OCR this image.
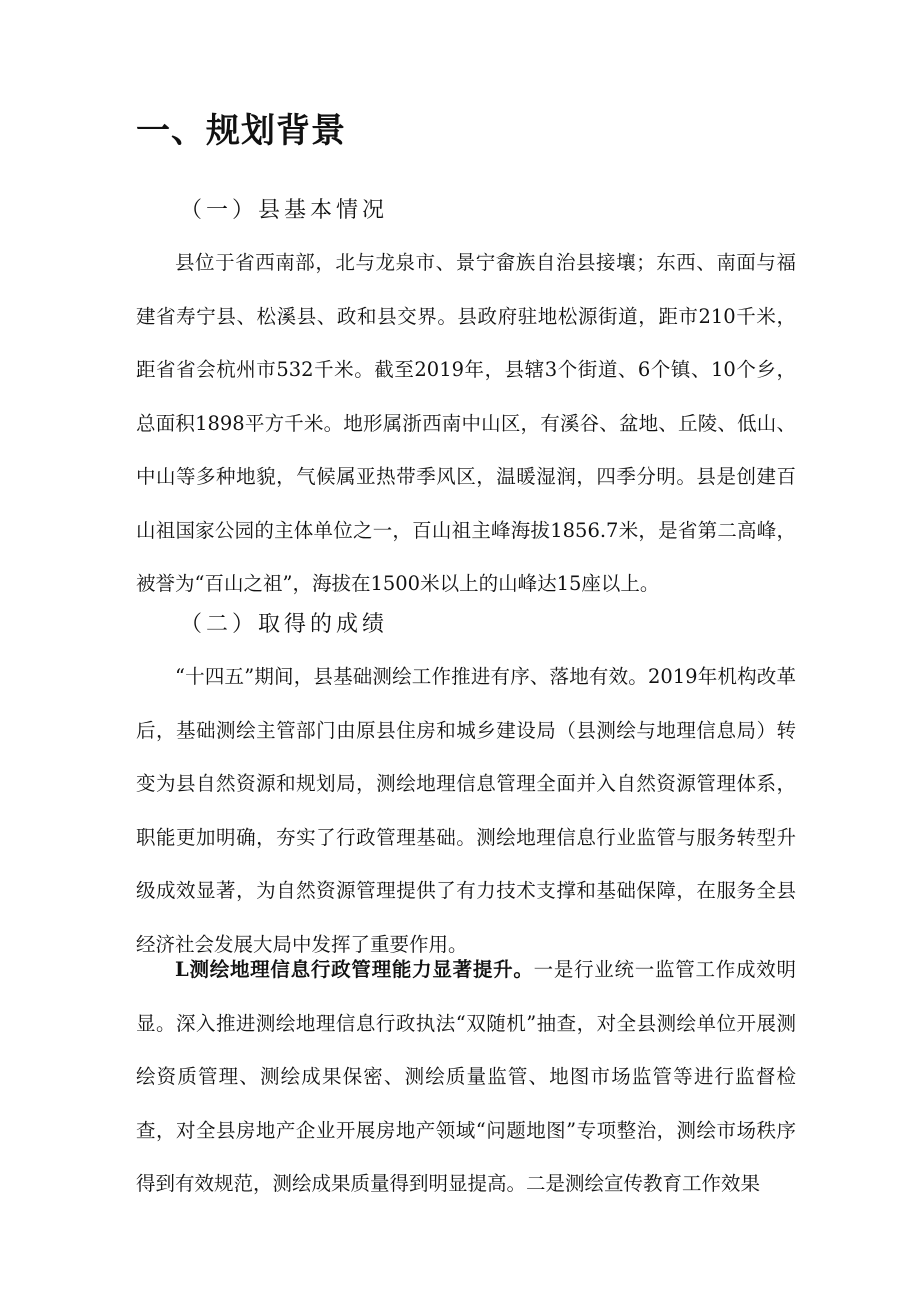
一、规划背景
（一）县基本情况

县位于省西南部，北与龙泉市、景宁畲族自治县接壤；东西、南面与福建省寿宁县、松溪县、政和县交界。县政府驻地松源街道，距市210千米，距省省会杭州市532千米。截至2019年，县辖3个街道、6个镇、10个乡，总面积1898平方千米。地形属浙西南中山区，有溪谷、盆地、丘陵、低山、中山等多种地貌，气候属亚热带季风区，温暖湿润，四季分明。县是创建百山祖国家公园的主体单位之一，百山祖主峰海拔1856.7米，是省第二高峰，被誉为“百山之祖”，海拔在1500米以上的山峰达15座以上。

（二）取得的成绩

“十四五”期间，县基础测绘工作推进有序、落地有效。2019年机构改革后，基础测绘主管部门由原县住房和城乡建设局（县测绘与地理信息局）转变为县自然资源和规划局，测绘地理信息管理全面并入自然资源管理体系，职能更加明确，夯实了行政管理基础。测绘地理信息行业监管与服务转型升级成效显著，为自然资源管理提供了有力技术支撑和基础保障，在服务全县经济社会发展大局中发挥了重要作用。

L测绘地理信息行政管理能力显著提升。一是行业统一监管工作成效明显。深入推进测绘地理信息行政执法“双随机”抽查，对全县测绘单位开展测绘资质管理、测绘成果保密、测绘质量监管、地图市场监管等进行监督检查，对全县房地产企业开展房地产领域“问题地图”专项整治，测绘市场秩序得到有效规范，测绘成果质量得到明显提高。二是测绘宣传教育工作效果
